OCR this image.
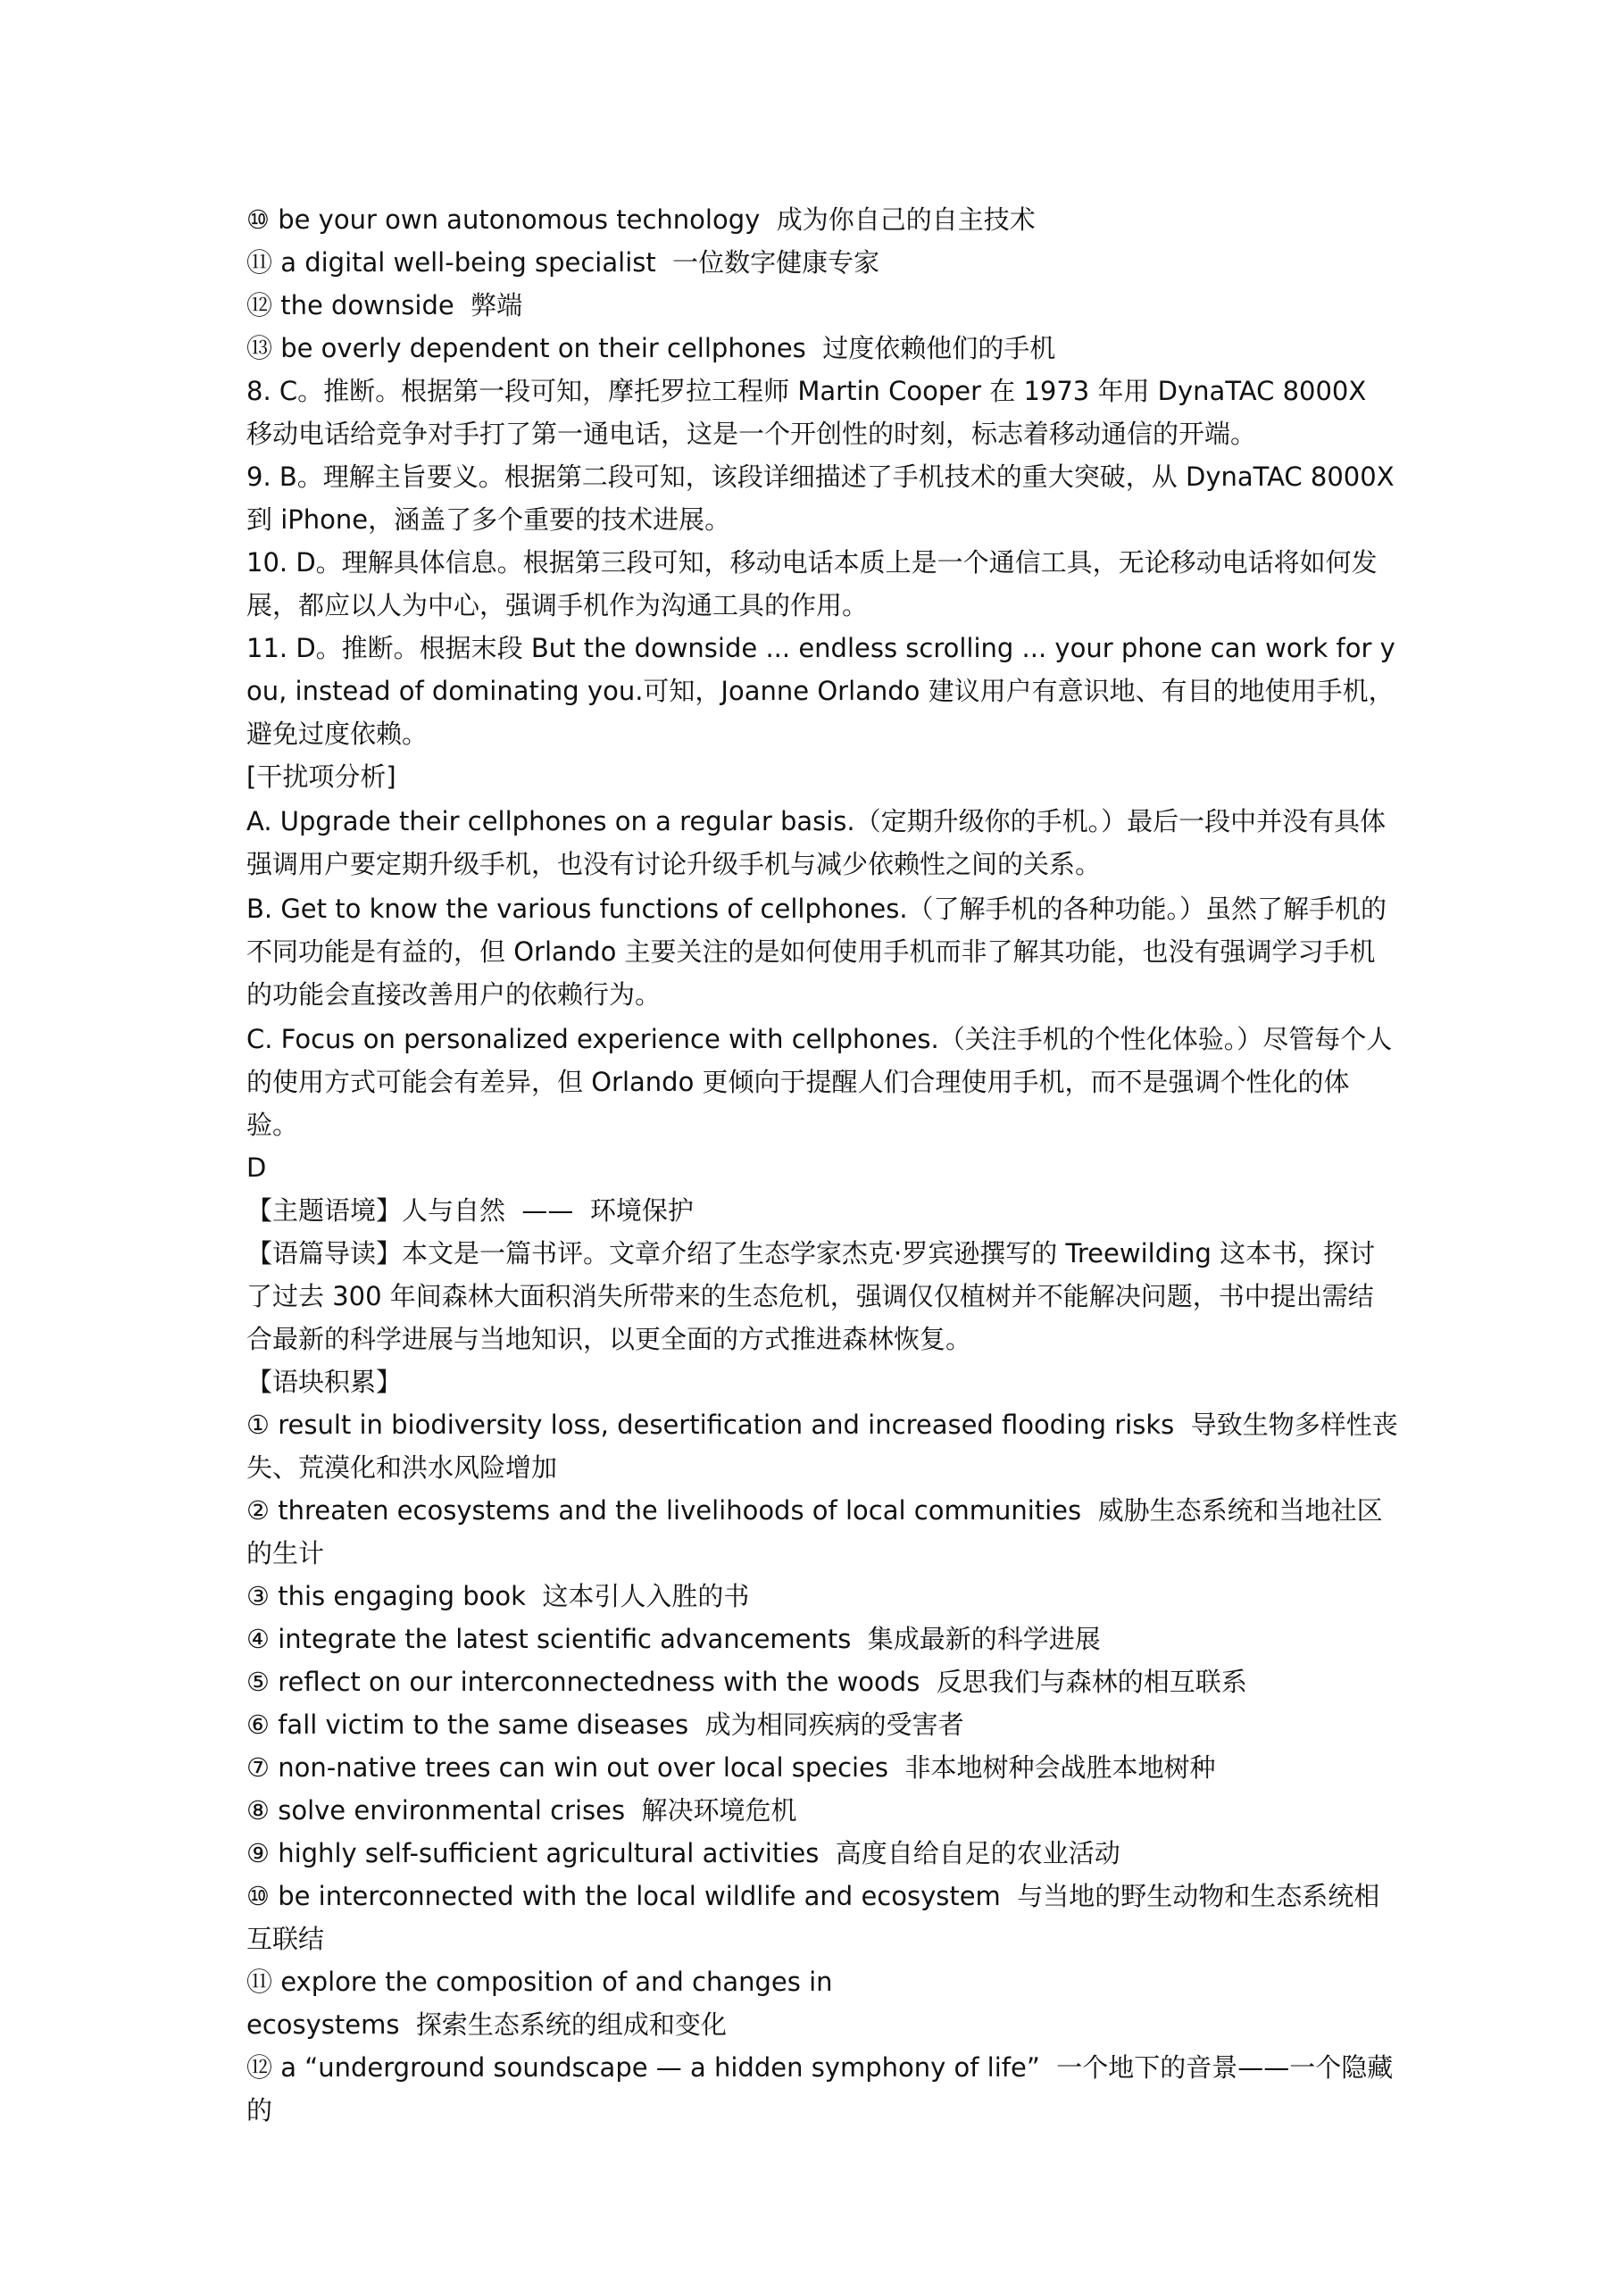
⑩ be your own autonomous technology  成为你自己的自主技术
⑪ a digital well-being specialist  一位数字健康专家
⑫ the downside  弊端
⑬ be overly dependent on their cellphones  过度依赖他们的手机
8. C。推断。根据第一段可知，摩托罗拉工程师 Martin Cooper 在 1973 年用 DynaTAC 8000X 移动电话给竞争对手打了第一通电话，这是一个开创性的时刻，标志着移动通信的开端。
9. B。理解主旨要义。根据第二段可知，该段详细描述了手机技术的重大突破，从 DynaTAC 8000X 到 iPhone，涵盖了多个重要的技术进展。
10. D。理解具体信息。根据第三段可知，移动电话本质上是一个通信工具，无论移动电话将如何发展，都应以人为中心，强调手机作为沟通工具的作用。
11. D。推断。根据末段 But the downside ... endless scrolling ... your phone can work for you, instead of dominating you.可知，Joanne Orlando 建议用户有意识地、有目的地使用手机，避免过度依赖。
[干扰项分析]
A. Upgrade their cellphones on a regular basis.（定期升级你的手机。）最后一段中并没有具体强调用户要定期升级手机，也没有讨论升级手机与减少依赖性之间的关系。
B. Get to know the various functions of cellphones.（了解手机的各种功能。）虽然了解手机的不同功能是有益的，但 Orlando 主要关注的是如何使用手机而非了解其功能，也没有强调学习手机的功能会直接改善用户的依赖行为。
C. Focus on personalized experience with cellphones.（关注手机的个性化体验。）尽管每个人的使用方式可能会有差异，但 Orlando 更倾向于提醒人们合理使用手机，而不是强调个性化的体验。
D
【主题语境】人与自然  ——  环境保护
【语篇导读】本文是一篇书评。文章介绍了生态学家杰克·罗宾逊撰写的 Treewilding 这本书，探讨了过去 300 年间森林大面积消失所带来的生态危机，强调仅仅植树并不能解决问题，书中提出需结合最新的科学进展与当地知识，以更全面的方式推进森林恢复。
【语块积累】
① result in biodiversity loss, desertification and increased flooding risks  导致生物多样性丧失、荒漠化和洪水风险增加
② threaten ecosystems and the livelihoods of local communities  威胁生态系统和当地社区的生计
③ this engaging book  这本引人入胜的书
④ integrate the latest scientific advancements  集成最新的科学进展
⑤ reflect on our interconnectedness with the woods  反思我们与森林的相互联系
⑥ fall victim to the same diseases  成为相同疾病的受害者
⑦ non-native trees can win out over local species  非本地树种会战胜本地树种
⑧ solve environmental crises  解决环境危机
⑨ highly self-sufficient agricultural activities  高度自给自足的农业活动
⑩ be interconnected with the local wildlife and ecosystem  与当地的野生动物和生态系统相互联结
⑪ explore the composition of and changes in
ecosystems  探索生态系统的组成和变化
⑫ a “underground soundscape — a hidden symphony of life”  一个地下的音景——一个隐藏的
